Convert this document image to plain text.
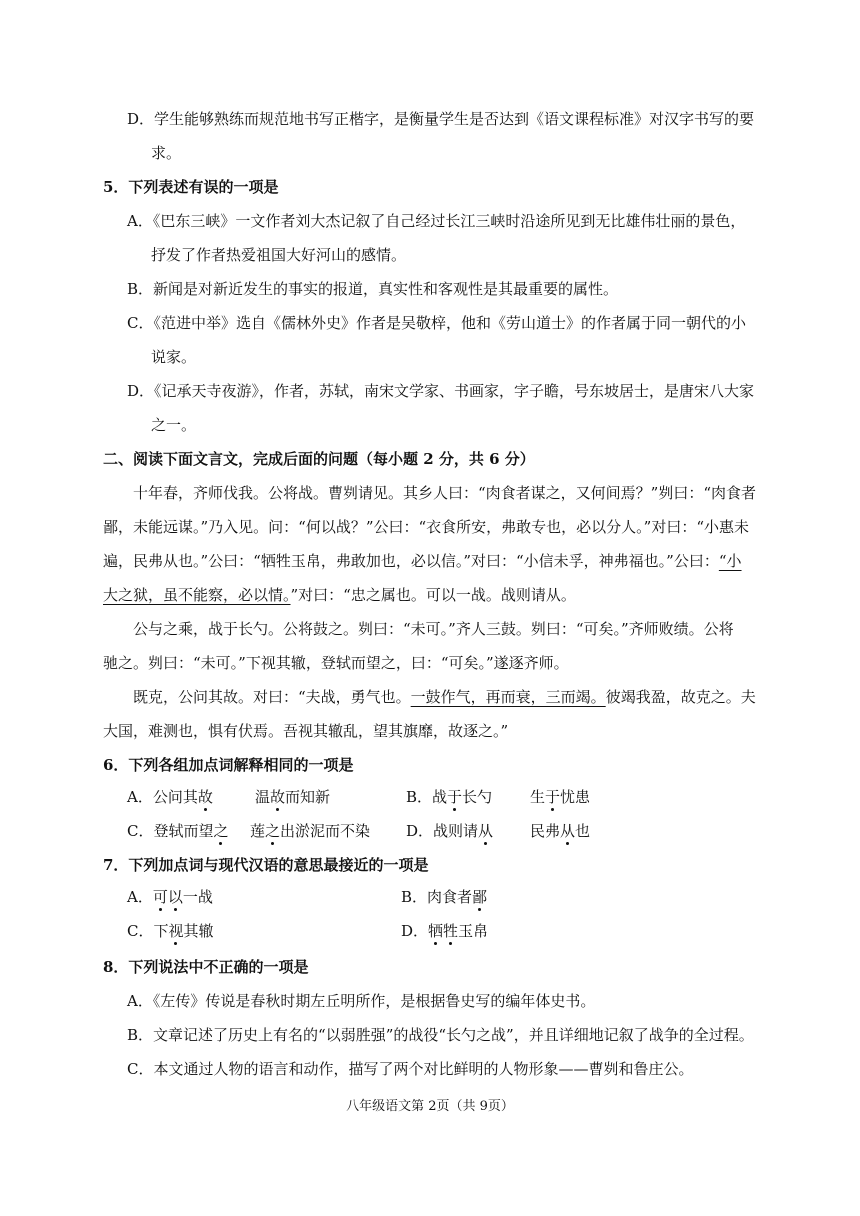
D．学生能够熟练而规范地书写正楷字，是衡量学生是否达到《语文课程标准》对汉字书写的要
求。
5．下列表述有误的一项是
A．《巴东三峡》一文作者刘大杰记叙了自己经过长江三峡时沿途所见到无比雄伟壮丽的景色，
抒发了作者热爱祖国大好河山的感情。
B．新闻是对新近发生的事实的报道，真实性和客观性是其最重要的属性。
C．《范进中举》选自《儒林外史》作者是吴敬梓，他和《劳山道士》的作者属于同一朝代的小
说家。
D．《记承天寺夜游》，作者，苏轼，南宋文学家、书画家，字子瞻，号东坡居士，是唐宋八大家
之一。
二、阅读下面文言文，完成后面的问题（每小题 2 分，共 6 分）
十年春，齐师伐我。公将战。曹刿请见。其乡人曰：“肉食者谋之，又何间焉？”刿曰：“肉食者
鄙，未能远谋。”乃入见。问：“何以战？”公曰：“衣食所安，弗敢专也，必以分人。”对曰：“小惠未
遍，民弗从也。”公曰：“牺牲玉帛，弗敢加也，必以信。”对曰：“小信未孚，神弗福也。”公曰：“小
大之狱，虽不能察，必以情。”对曰：“忠之属也。可以一战。战则请从。
公与之乘，战于长勺。公将鼓之。刿曰：“未可。”齐人三鼓。刿曰：“可矣。”齐师败绩。公将
驰之。刿曰：“未可。”下视其辙，登轼而望之，曰：“可矣。”遂逐齐师。
既克，公问其故。对曰：“夫战，勇气也。一鼓作气，再而衰，三而竭。彼竭我盈，故克之。夫
大国，难测也，惧有伏焉。吾视其辙乱，望其旗靡，故逐之。”
6．下列各组加点词解释相同的一项是
A．公问其故	温故而知新	B．战于长勺	生于忧患
C．登轼而望之 莲之出淤泥而不染 D．战则请从 民弗从也
7．下列加点词与现代汉语的意思最接近的一项是
A．可以一战	B．肉食者鄙
C．下视其辙	D．牺牲玉帛
8．下列说法中不正确的一项是
A．《左传》传说是春秋时期左丘明所作，是根据鲁史写的编年体史书。
B．文章记述了历史上有名的“以弱胜强”的战役“长勺之战”，并且详细地记叙了战争的全过程。
C．本文通过人物的语言和动作，描写了两个对比鲜明的人物形象——曹刿和鲁庄公。
八年级语文第 2页（共 9页）
